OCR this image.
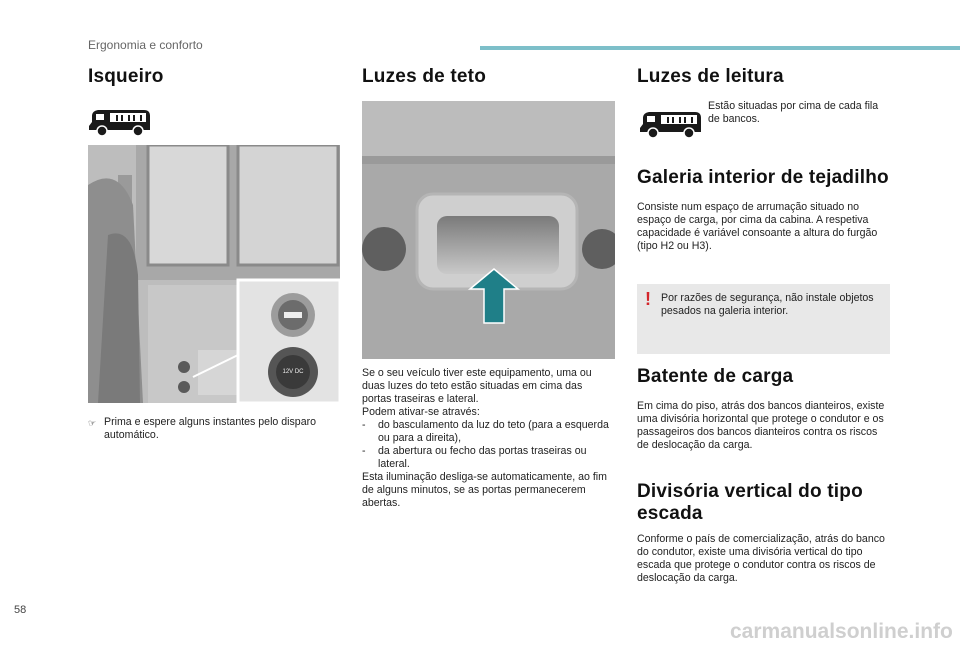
Ergonomia e conforto
Isqueiro
12V DC
☞ Prima e espere alguns instantes pelo disparo automático.
Luzes de teto
Se o seu veículo tiver este equipamento, uma ou duas luzes do teto estão situadas em cima das portas traseiras e lateral.
Podem ativar-se através:
-	do basculamento da luz do teto (para a esquerda ou para a direita),
-	da abertura ou fecho das portas traseiras ou lateral.
Esta iluminação desliga-se automaticamente, ao fim de alguns minutos, se as portas permanecerem abertas.
Luzes de leitura
Estão situadas por cima de cada fila de bancos.
Galeria interior de tejadilho
Consiste num espaço de arrumação situado no espaço de carga, por cima da cabina. A respetiva capacidade é variável consoante a altura do furgão (tipo H2 ou H3).
! Por razões de segurança, não instale objetos pesados na galeria interior.
Batente de carga
Em cima do piso, atrás dos bancos dianteiros, existe uma divisória horizontal que protege o condutor e os passageiros dos bancos dianteiros contra os riscos de deslocação da carga.
Divisória vertical do tipo escada
Conforme o país de comercialização, atrás do banco do condutor, existe uma divisória vertical do tipo escada que protege o condutor contra os riscos de deslocação da carga.
58
carmanualsonline.info
